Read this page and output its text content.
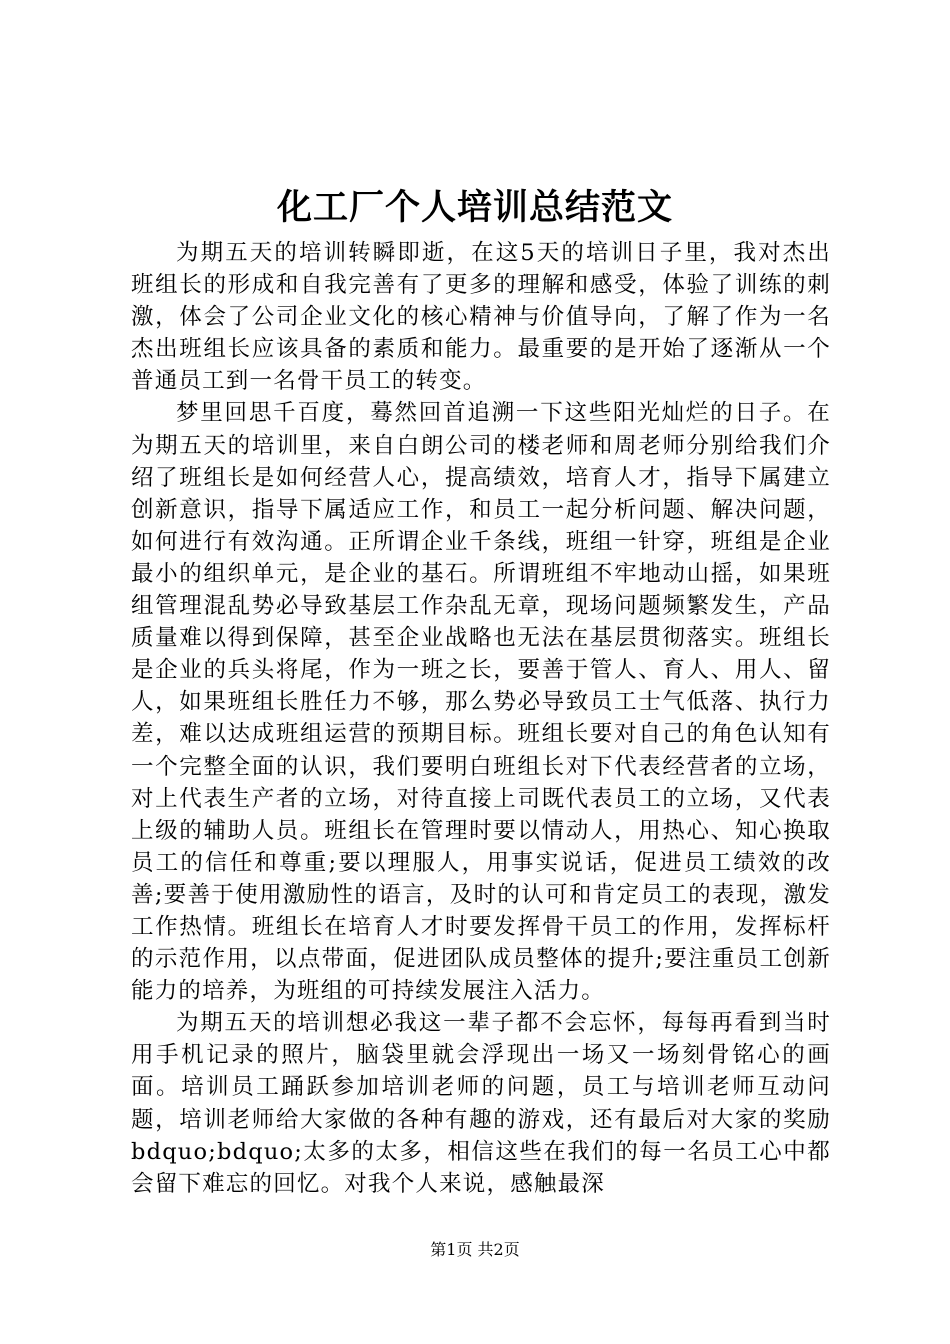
化工厂个人培训总结范文

为期五天的培训转瞬即逝，在这5天的培训日子里，我对杰出班组长的形成和自我完善有了更多的理解和感受，体验了训练的刺激，体会了公司企业文化的核心精神与价值导向，了解了作为一名杰出班组长应该具备的素质和能力。最重要的是开始了逐渐从一个普通员工到一名骨干员工的转变。

梦里回思千百度，蓦然回首追溯一下这些阳光灿烂的日子。在为期五天的培训里，来自白朗公司的楼老师和周老师分别给我们介绍了班组长是如何经营人心，提高绩效，培育人才，指导下属建立创新意识，指导下属适应工作，和员工一起分析问题、解决问题，如何进行有效沟通。正所谓企业千条线，班组一针穿，班组是企业最小的组织单元，是企业的基石。所谓班组不牢地动山摇，如果班组管理混乱势必导致基层工作杂乱无章，现场问题频繁发生，产品质量难以得到保障，甚至企业战略也无法在基层贯彻落实。班组长是企业的兵头将尾，作为一班之长，要善于管人、育人、用人、留人，如果班组长胜任力不够，那么势必导致员工士气低落、执行力差，难以达成班组运营的预期目标。班组长要对自己的角色认知有一个完整全面的认识，我们要明白班组长对下代表经营者的立场，对上代表生产者的立场，对待直接上司既代表员工的立场，又代表上级的辅助人员。班组长在管理时要以情动人，用热心、知心换取员工的信任和尊重;要以理服人，用事实说话，促进员工绩效的改善;要善于使用激励性的语言，及时的认可和肯定员工的表现，激发工作热情。班组长在培育人才时要发挥骨干员工的作用，发挥标杆的示范作用，以点带面，促进团队成员整体的提升;要注重员工创新能力的培养，为班组的可持续发展注入活力。

为期五天的培训想必我这一辈子都不会忘怀，每每再看到当时用手机记录的照片，脑袋里就会浮现出一场又一场刻骨铭心的画面。培训员工踊跃参加培训老师的问题，员工与培训老师互动问题，培训老师给大家做的各种有趣的游戏，还有最后对大家的奖励bdquo;bdquo;太多的太多，相信这些在我们的每一名员工心中都会留下难忘的回忆。对我个人来说，感触最深

第1页 共2页
